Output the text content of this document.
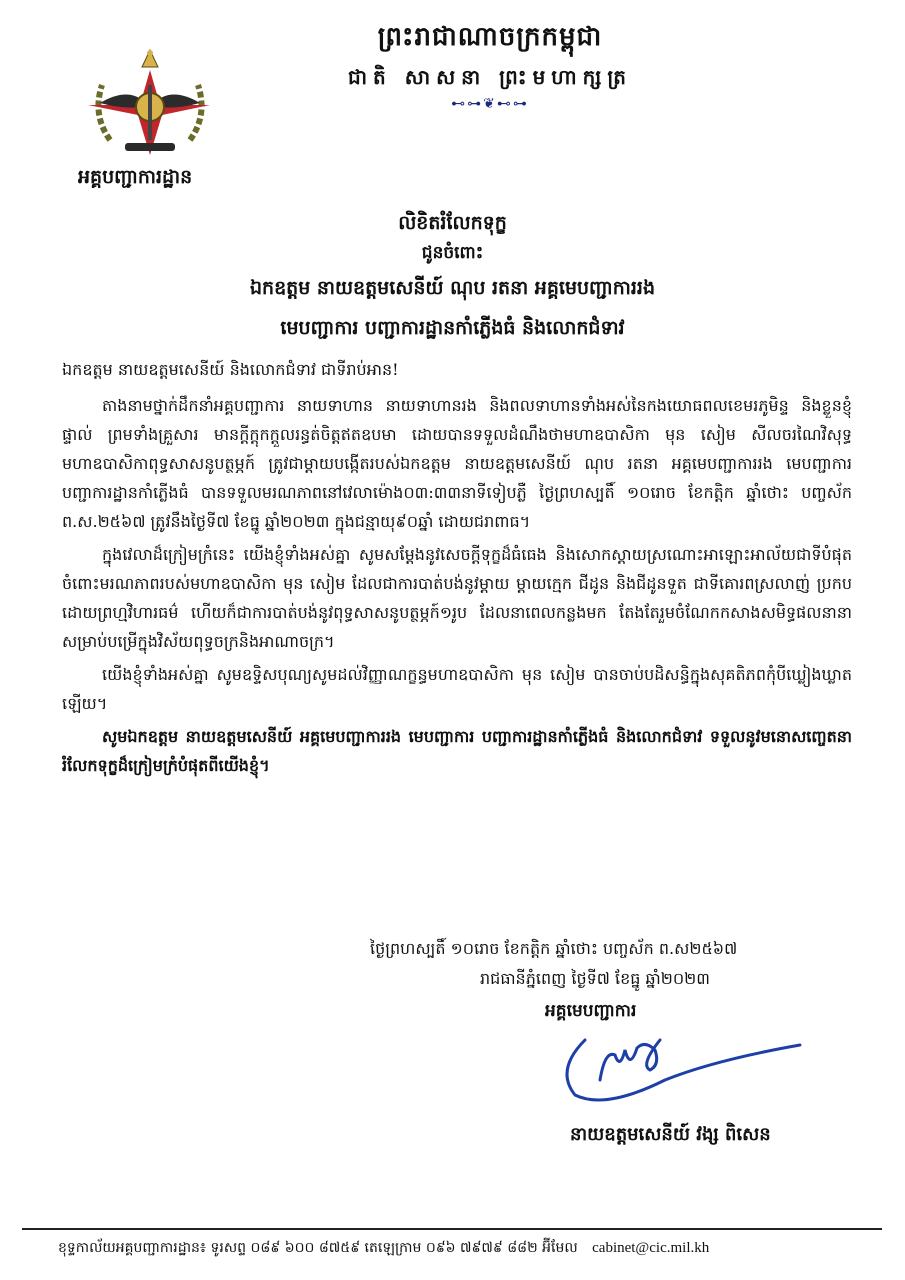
ព្រះរាជាណាចក្រកម្ពុជា
ជាតិ សាសនា ព្រះមហាក្សត្រ
⊷⊶❦⊷⊶
អគ្គបញ្ជាការដ្ឋាន
លិខិតរំលែកទុក្ខ
ជូនចំពោះ
ឯកឧត្តម នាយឧត្តមសេនីយ៍ ណុប រតនា អគ្គមេបញ្ជាការរង
មេបញ្ជាការ បញ្ជាការដ្ឋានកាំភ្លើងធំ និងលោកជំទាវ

ឯកឧត្តម នាយឧត្តមសេនីយ៍ និងលោកជំទាវ ជាទីរាប់អាន!

តាងនាមថ្នាក់ដឹកនាំអគ្គបញ្ជាការ នាយទាហាន នាយទាហានរង និងពលទាហានទាំងអស់នៃកងយោធពលខេមរភូមិន្ទ និងខ្លួនខ្ញុំផ្ទាល់ ព្រមទាំងគ្រួសារ មានក្តីក្តុកក្តួលរន្ធត់ចិត្តឥតឧបមា ដោយបានទទួលដំណឹងថាមហាឧបាសិកា មុន សៀម សីលចរណៃវិសុទ្ធ មហាឧបាសិកាពុទ្ធសាសនូបត្ថម្ភក៍ ត្រូវជាម្តាយបង្កើតរបស់ឯកឧត្តម នាយឧត្តមសេនីយ៍ ណុប រតនា អគ្គមេបញ្ជាការរង មេបញ្ជាការ បញ្ជាការដ្ឋានកាំភ្លើងធំ បានទទួលមរណភាពនៅវេលាម៉ោង០៣:៣៣នាទីទៀបភ្លឺ ថ្ងៃព្រហស្បតិ៍ ១០រោច ខែកត្តិក ឆ្នាំថោះ បញ្ចស័ក ព.ស.២៥៦៧ ត្រូវនឹងថ្ងៃទី៧ ខែធ្នូ ឆ្នាំ២០២៣ ក្នុងជន្មាយុ៩០ឆ្នាំ ដោយជរាពាធ។

ក្នុងវេលាដ៏ក្រៀមក្រំនេះ យើងខ្ញុំទាំងអស់គ្នា សូមសម្តែងនូវសេចក្តីទុក្ខដ៏ធំធេង និងសោកស្តាយស្រណោះអាឡោះអាល័យជាទីបំផុត ចំពោះមរណភាពរបស់មហាឧបាសិកា មុន សៀម ដែលជាការបាត់បង់នូវម្តាយ ម្តាយក្មេក ជីដូន និងជីដូនទួត ជាទីគោរពស្រលាញ់ ប្រកបដោយព្រហ្មវិហារធម៌ ហើយក៏ជាការបាត់បង់នូវពុទ្ធសាសនូបត្ថម្ភក៍១រូប ដែលនាពេលកន្លងមក តែងតែរួមចំណែកកសាងសមិទ្ធផលនានា សម្រាប់បម្រើក្នុងវិស័យពុទ្ធចក្រនិងអាណាចក្រ។

យើងខ្ញុំទាំងអស់គ្នា សូមឧទ្ទិសបុណ្យសូមដល់វិញ្ញាណក្ខន្ធមហាឧបាសិកា មុន សៀម បានចាប់បដិសន្ធិក្នុងសុគតិភពកុំបីឃ្លៀងឃ្លាតឡើយ។

សូមឯកឧត្តម នាយឧត្តមសេនីយ៍ អគ្គមេបញ្ជាការរង មេបញ្ជាការ បញ្ជាការដ្ឋានកាំភ្លើងធំ និងលោកជំទាវ ទទួលនូវមនោសញ្ចេតនារំលែកទុក្ខដ៏ក្រៀមក្រំបំផុតពីយើងខ្ញុំ។

ថ្ងៃព្រហស្បតិ៍ ១០រោច ខែកត្តិក ឆ្នាំថោះ បញ្ចស័ក ព.ស២៥៦៧
រាជធានីភ្នំពេញ ថ្ងៃទី៧ ខែធ្នូ ឆ្នាំ២០២៣
អគ្គមេបញ្ជាការ
នាយឧត្តមសេនីយ៍ វង្ស ពិសេន
ខុទ្ទកាល័យអគ្គបញ្ជាការដ្ឋាន៖ ទូរសព្ទ ០៨៩ ៦០០ ៨៧៥៩ តេឡេក្រាម ០៩៦ ៧៩៧៩ ៨៨២ អ៊ីមែល cabinet@cic.mil.kh
